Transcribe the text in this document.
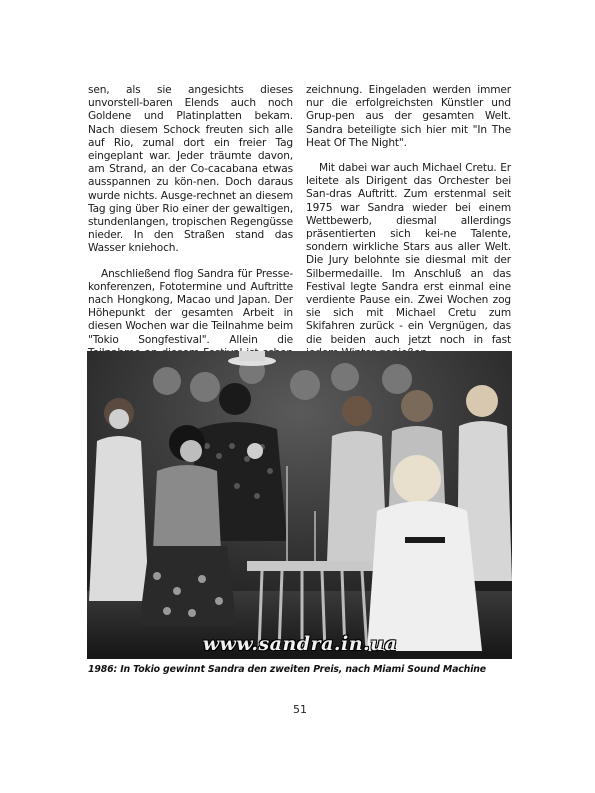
sen, als sie angesichts dieses unvorstell-baren Elends auch noch Goldene und Platinplatten bekam. Nach diesem Schock freuten sich alle auf Rio, zumal dort ein freier Tag eingeplant war. Jeder träumte davon, am Strand, an der Co-cacabana etwas ausspannen zu kön-nen. Doch daraus wurde nichts. Ausge-rechnet an diesem Tag ging über Rio einer der gewaltigen, stundenlangen, tropischen Regengüsse nieder. In den Straßen stand das Wasser kniehoch.

Anschließend flog Sandra für Presse-konferenzen, Fototermine und Auftritte nach Hongkong, Macao und Japan. Der Höhepunkt der gesamten Arbeit in diesen Wochen war die Teilnahme beim "Tokio Songfestival". Allein die

zeichnung. Eingeladen werden immer nur die erfolgreichsten Künstler und Grup-pen aus der gesamten Welt. Sandra beteiligte sich hier mit "In The Heat Of The Night".

Mit dabei war auch Michael Cretu. Er leitete als Dirigent das Orchester bei San-dras Auftritt. Zum erstenmal seit 1975 war Sandra wieder bei einem Wettbewerb, diesmal allerdings präsentierten sich kei-ne Talente, sondern wirkliche Stars aus aller Welt. Die Jury belohnte sie diesmal mit der Silbermedaille. Im Anschluß an das Festival legte Sandra erst einmal eine verdiente Pause ein. Zwei Wochen zog sie sich mit Michael Cretu zum Skifahren zurück - ein Vergnügen, das die beiden auch jetzt noch in fast

www.sandra.in.ua
1986: In Tokio gewinnt Sandra den zweiten Preis, nach Miami Sound Machine
51
